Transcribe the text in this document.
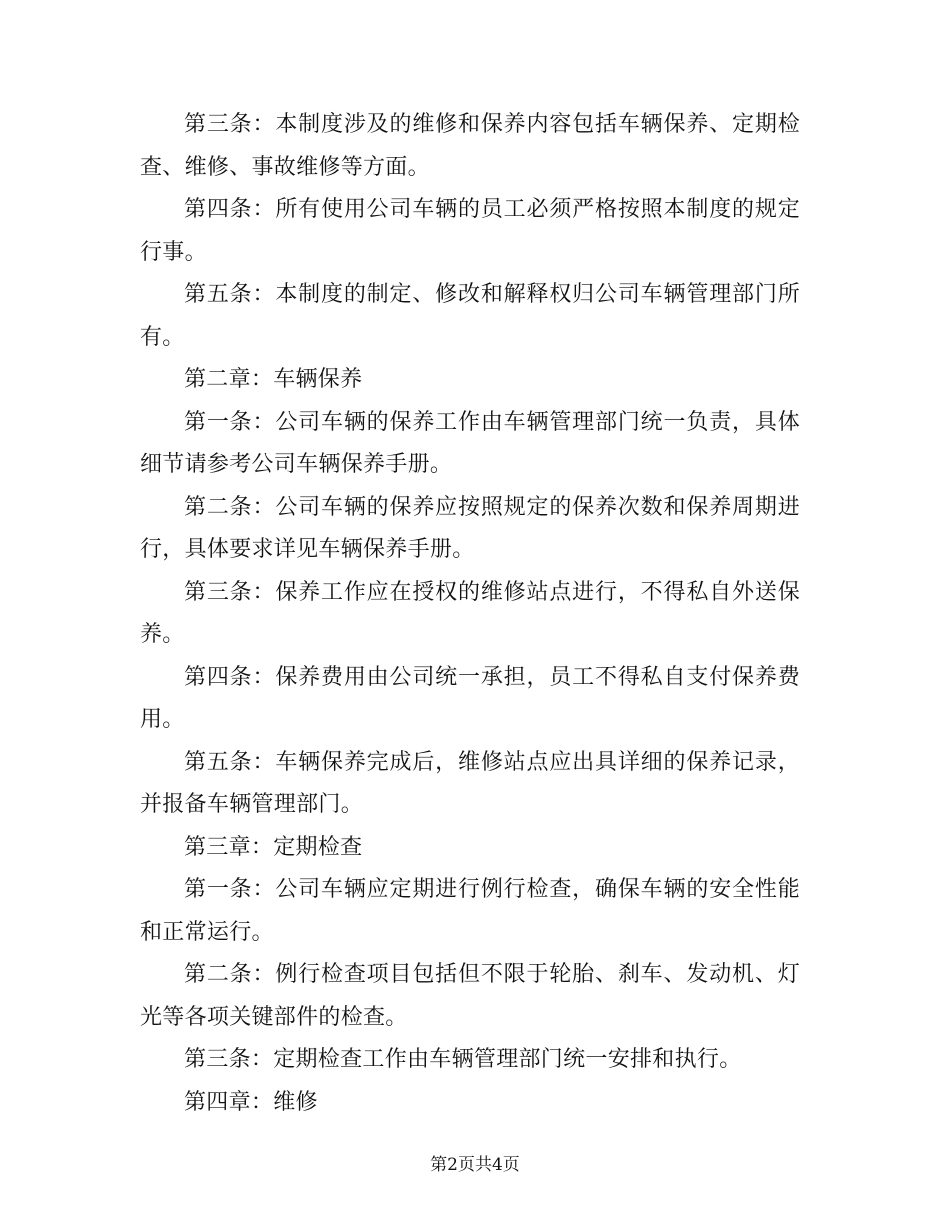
第三条：本制度涉及的维修和保养内容包括车辆保养、定期检查、维修、事故维修等方面。

第四条：所有使用公司车辆的员工必须严格按照本制度的规定行事。

第五条：本制度的制定、修改和解释权归公司车辆管理部门所有。

第二章：车辆保养

第一条：公司车辆的保养工作由车辆管理部门统一负责，具体细节请参考公司车辆保养手册。

第二条：公司车辆的保养应按照规定的保养次数和保养周期进行，具体要求详见车辆保养手册。

第三条：保养工作应在授权的维修站点进行，不得私自外送保养。

第四条：保养费用由公司统一承担，员工不得私自支付保养费用。

第五条：车辆保养完成后，维修站点应出具详细的保养记录，并报备车辆管理部门。

第三章：定期检查

第一条：公司车辆应定期进行例行检查，确保车辆的安全性能和正常运行。

第二条：例行检查项目包括但不限于轮胎、刹车、发动机、灯光等各项关键部件的检查。

第三条：定期检查工作由车辆管理部门统一安排和执行。

第四章：维修

第2页共4页
